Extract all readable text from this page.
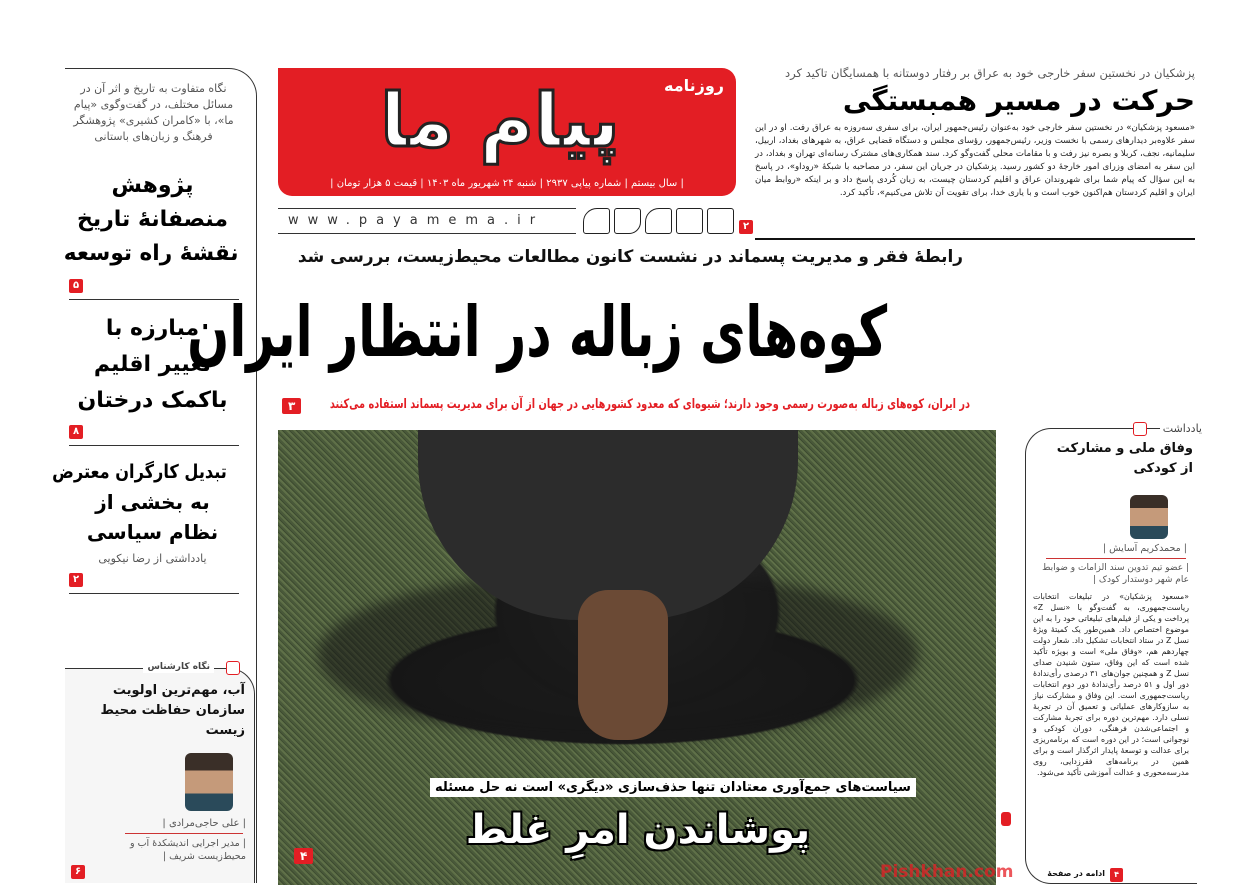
نگاه متفاوت به تاریخ و اثر آن در مسائل مختلف، در گفت‌وگوی «پیام ما»، با «کامران کشیری» پژوهشگر فرهنگ و زبان‌های باستانی
پژوهش
منصفانهٔ تاریخ
نقشهٔ راه توسعه
۵
مبارزه با
تغییر اقلیم
باکمک درختان
۸
تبدیل کارگران معترض
به بخشی از
نظام سیاسی
یادداشتی از رضا نیکویی
۲
نگاه کارشناس
آب، مهم‌ترین اولویت سازمان حفاظت محیط زیست
| علی حاجی‌مرادی |
| مدیر اجرایی اندیشکدهٔ آب و محیط‌زیست شریف |
۶
روزنامه
پیام ما
| سال بیستم | شماره پیاپی ۲۹۳۷ | شنبه ۲۴ شهریور ماه ۱۴۰۳ | قیمت ۵ هزار تومان |
www.payamema.ir
پزشکیان در نخستین سفر خارجی خود به عراق بر رفتار دوستانه با همسایگان تاکید کرد
حرکت در مسیر همبستگی
«مسعود پزشکیان» در نخستین سفر خارجی خود به‌عنوان رئیس‌جمهور ایران، برای سفری سه‌روزه به عراق رفت. او در این سفر علاوه‌بر دیدارهای رسمی با نخست وزیر، رئیس‌جمهور، رؤسای مجلس و دستگاه قضایی عراق، به شهرهای بغداد، اربیل، سلیمانیه، نجف، کربلا و بصره نیز رفت و با مقامات محلی گفت‌وگو کرد. سند همکاری‌های مشترک رسانه‌ای تهران و بغداد، در این سفر به امضای وزرای امور خارجهٔ دو کشور رسید. پزشکیان در جریان این سفر، در مصاحبه با شبکهٔ «روداو»، در پاسخ به این سؤال که پیام شما برای شهروندان عراق و اقلیم کردستان چیست، به زبان کُردی پاسخ داد و بر اینکه «روابط میان ایران و اقلیم کردستان هم‌اکنون خوب است و با یاری خدا، برای تقویت آن تلاش می‌کنیم»، تأکید کرد.
۲
رابطهٔ فقر و مدیریت پسماند در نشست کانون مطالعات محیط‌زیست، بررسی شد
کوه‌های زباله در انتظار ایران
در ایران، کوه‌های زباله به‌صورت رسمی وجود دارند؛ شیوه‌ای که معدود کشورهایی در جهان از آن برای مدیریت پسماند استفاده می‌کنند
۳
سیاست‌های جمع‌آوری معتادان تنها حذف‌سازی «دیگری» است نه حل مسئله
پوشاندن امرِ غلط
۴
یادداشت
وفاق ملی و مشارکت از کودکی
| محمدکریم آسایش |
| عضو تیم تدوین سند الزامات و ضوابط عام شهر دوستدار کودک |
«مسعود پزشکیان» در تبلیغات انتخابات ریاست‌جمهوری، به گفت‌وگو با «نسل Z» پرداخت و یکی از فیلم‌های تبلیغاتی خود را به این موضوع اختصاص داد. همین‌طور یک کمیتهٔ ویژهٔ نسل Z در ستاد انتخابات تشکیل داد. شعار دولت چهاردهم هم، «وفاق ملی» است و بویژه تأکید شده است که این وفاق، ستون شنیدن صدای نسل Z و همچنین جوان‌های ۳۱ درصدی رأی‌ندادهٔ دور اول و ۵۱ درصد رأی‌ندادهٔ دور دوم انتخابات ریاست‌جمهوری است. این وفاق و مشارکت نیاز به سازوکارهای عملیاتی و تعمیق آن در تجربهٔ نسلی دارد. مهم‌ترین دوره برای تجربهٔ مشارکت و اجتماعی‌شدن فرهنگی، دوران کودکی و نوجوانی است؛ در این دوره است که برنامه‌ریزی برای عدالت و توسعهٔ پایدار اثرگذار است و برای همین در برنامه‌های فقرزدایی، روی مدرسه‌محوری و عدالت آموزشی تأکید می‌شود.
ادامه در صفحهٔ	۴
Pishkhan.com
